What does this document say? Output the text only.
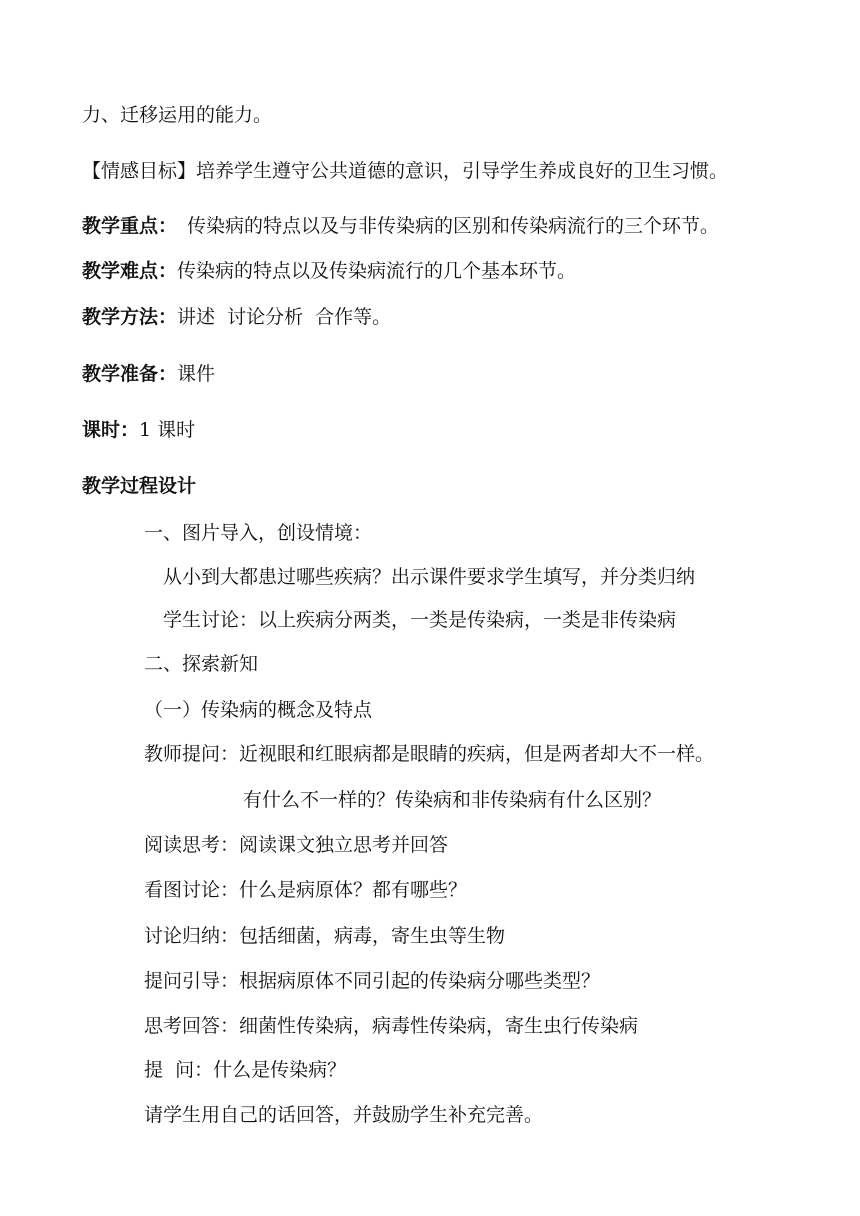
力、迁移运用的能力。
【情感目标】培养学生遵守公共道德的意识，引导学生养成良好的卫生习惯。
教学重点： 传染病的特点以及与非传染病的区别和传染病流行的三个环节。
教学难点：传染病的特点以及传染病流行的几个基本环节。
教学方法：讲述  讨论分析  合作等。
教学准备：课件
课时：1 课时
教学过程设计
一、图片导入，创设情境：
从小到大都患过哪些疾病？出示课件要求学生填写，并分类归纳
学生讨论：以上疾病分两类，一类是传染病，一类是非传染病
二、探索新知
（一）传染病的概念及特点
教师提问：近视眼和红眼病都是眼睛的疾病，但是两者却大不一样。
有什么不一样的？传染病和非传染病有什么区别？
阅读思考：阅读课文独立思考并回答
看图讨论：什么是病原体？都有哪些？
讨论归纳：包括细菌，病毒，寄生虫等生物
提问引导：根据病原体不同引起的传染病分哪些类型？
思考回答：细菌性传染病，病毒性传染病，寄生虫行传染病
提  问：什么是传染病？
请学生用自己的话回答，并鼓励学生补充完善。
